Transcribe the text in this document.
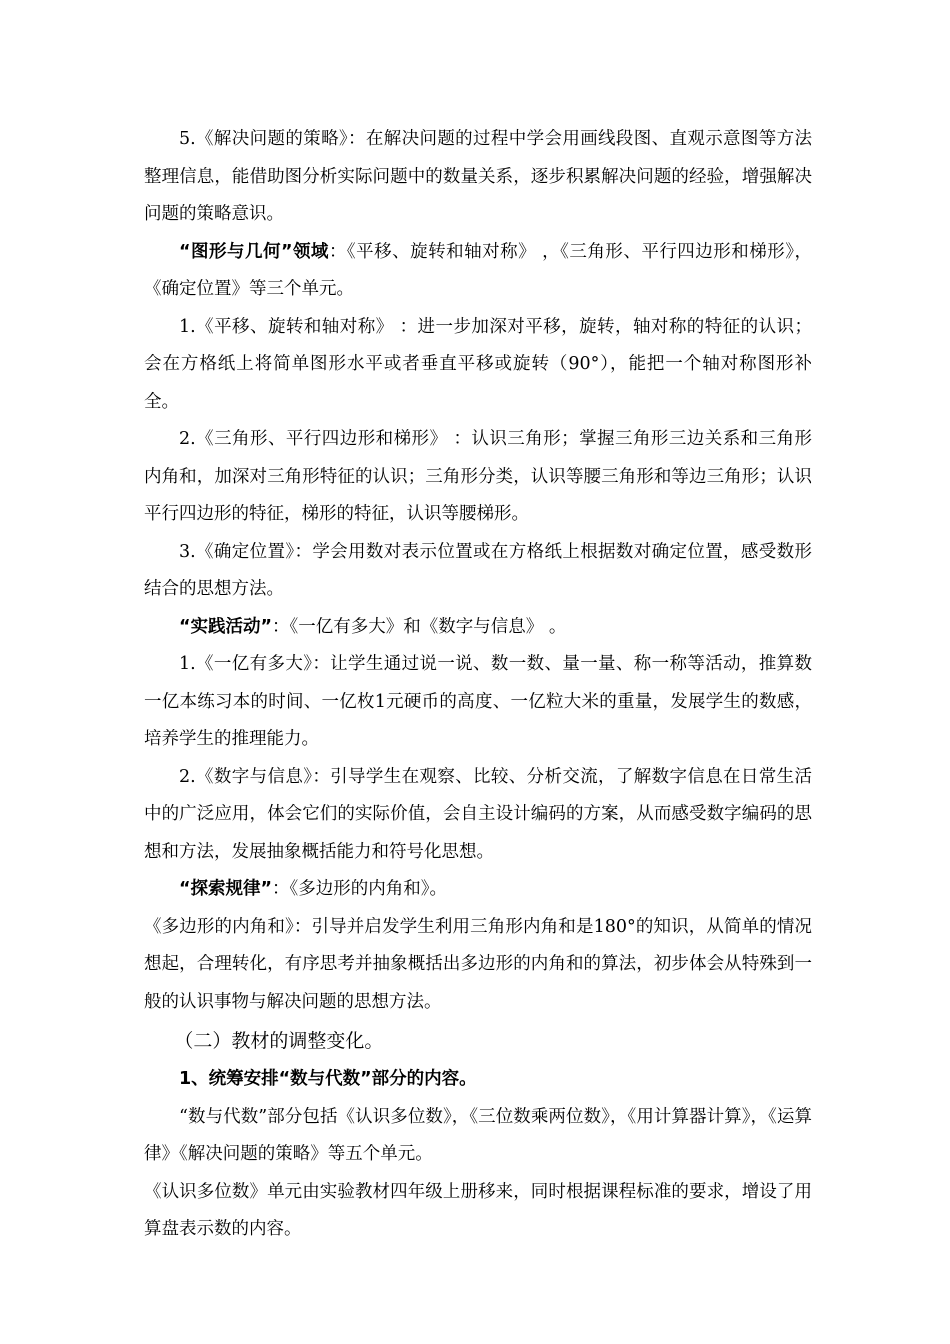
5.《解决问题的策略》：在解决问题的过程中学会用画线段图、直观示意图等方法整理信息，能借助图分析实际问题中的数量关系，逐步积累解决问题的经验，增强解决问题的策略意识。

“图形与几何”领域：《平移、旋转和轴对称》 ，《三角形、平行四边形和梯形》，《确定位置》等三个单元。

1.《平移、旋转和轴对称》 ：进一步加深对平移，旋转，轴对称的特征的认识；会在方格纸上将简单图形水平或者垂直平移或旋转（90°），能把一个轴对称图形补全。

2.《三角形、平行四边形和梯形》 ：认识三角形；掌握三角形三边关系和三角形内角和，加深对三角形特征的认识；三角形分类，认识等腰三角形和等边三角形；认识平行四边形的特征，梯形的特征，认识等腰梯形。

3.《确定位置》：学会用数对表示位置或在方格纸上根据数对确定位置，感受数形结合的思想方法。

“实践活动”：《一亿有多大》和《数字与信息》 。

1.《一亿有多大》：让学生通过说一说、数一数、量一量、称一称等活动，推算数一亿本练习本的时间、一亿枚1元硬币的高度、一亿粒大米的重量，发展学生的数感，培养学生的推理能力。

2.《数字与信息》：引导学生在观察、比较、分析交流，了解数字信息在日常生活中的广泛应用，体会它们的实际价值，会自主设计编码的方案，从而感受数字编码的思想和方法，发展抽象概括能力和符号化思想。

“探索规律”：《多边形的内角和》。

《多边形的内角和》：引导并启发学生利用三角形内角和是180°的知识，从简单的情况想起，合理转化，有序思考并抽象概括出多边形的内角和的算法，初步体会从特殊到一般的认识事物与解决问题的思想方法。

（二）教材的调整变化。

1、统筹安排“数与代数”部分的内容。

“数与代数”部分包括《认识多位数》，《三位数乘两位数》，《用计算器计算》，《运算律》《解决问题的策略》等五个单元。

《认识多位数》单元由实验教材四年级上册移来，同时根据课程标准的要求，增设了用算盘表示数的内容。
